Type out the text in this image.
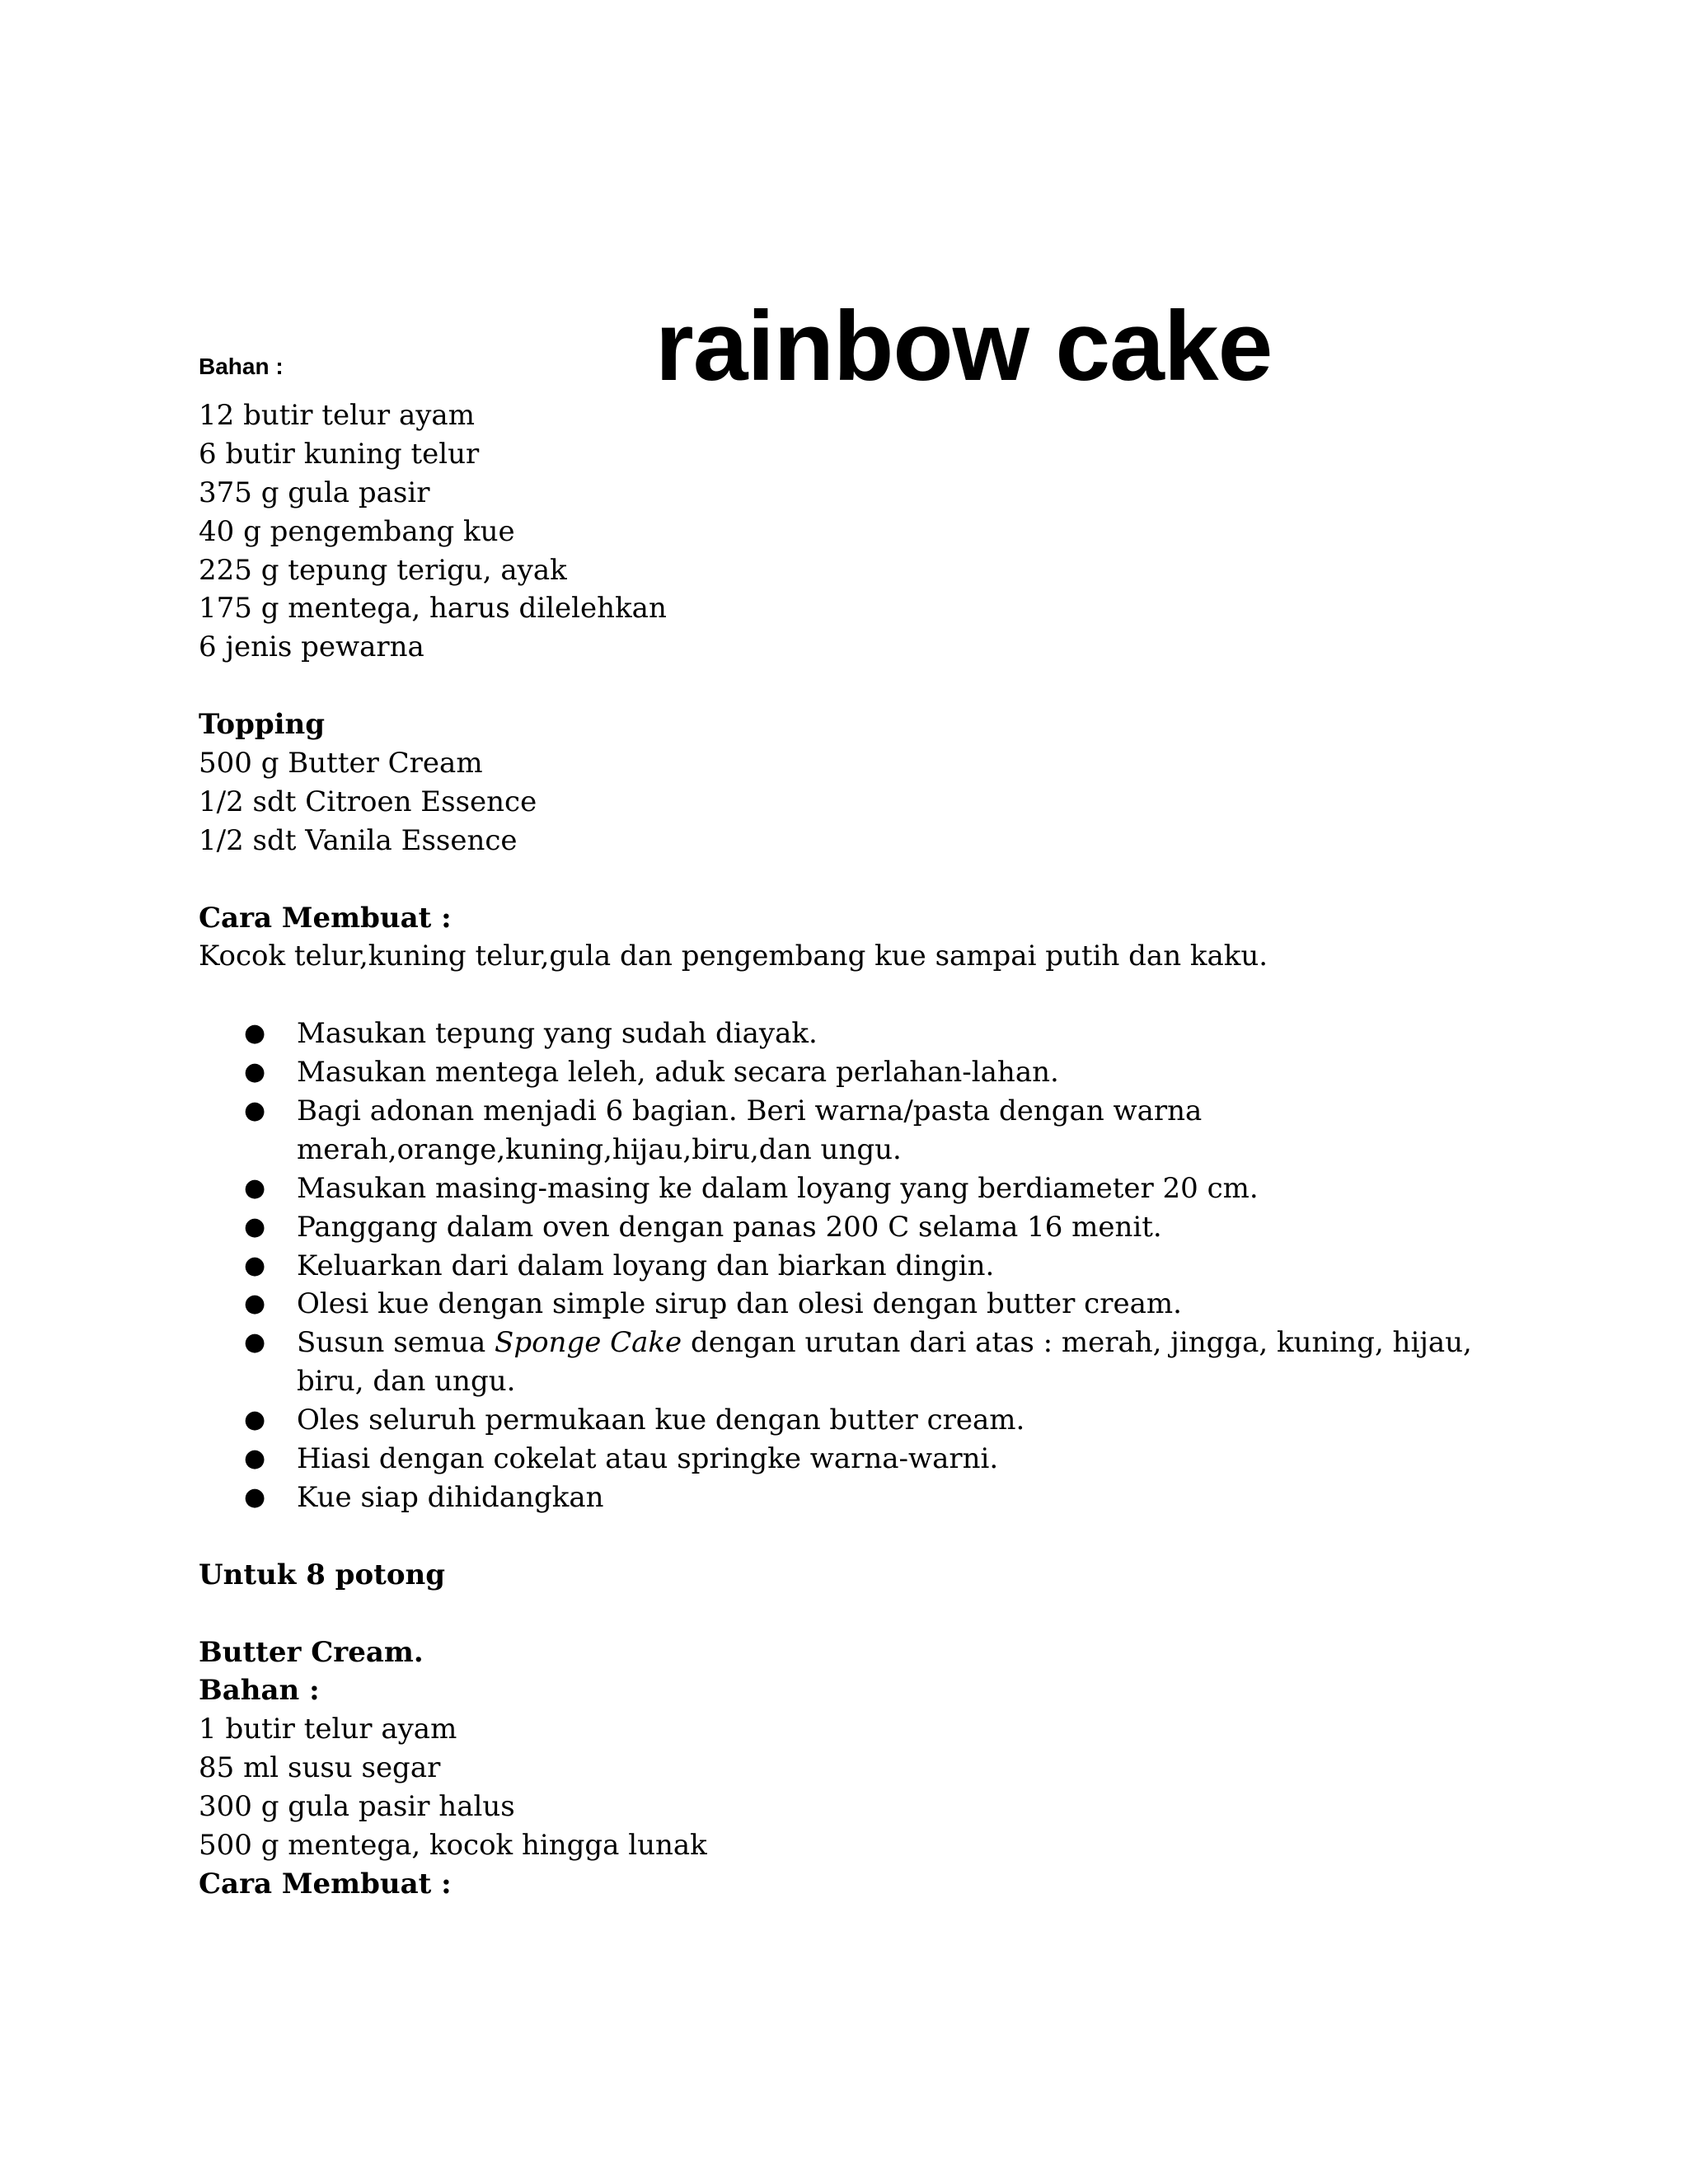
rainbow cake
Bahan :
12 butir telur ayam
6 butir kuning telur
375 g gula pasir
40 g pengembang kue
225 g tepung terigu, ayak
175 g mentega, harus dilelehkan
6 jenis pewarna
Topping
500 g Butter Cream
1/2 sdt Citroen Essence
1/2 sdt Vanila Essence
Cara Membuat :
Kocok telur,kuning telur,gula dan pengembang kue sampai putih dan kaku.
● Masukan tepung yang sudah diayak.
● Masukan mentega leleh, aduk secara perlahan-lahan.
● Bagi adonan menjadi 6 bagian. Beri warna/pasta dengan warna
merah,orange,kuning,hijau,biru,dan ungu.
● Masukan masing-masing ke dalam loyang yang berdiameter 20 cm.
● Panggang dalam oven dengan panas 200 C selama 16 menit.
● Keluarkan dari dalam loyang dan biarkan dingin.
● Olesi kue dengan simple sirup dan olesi dengan butter cream.
● Susun semua Sponge Cake dengan urutan dari atas : merah, jingga, kuning, hijau,
biru, dan ungu.
● Oles seluruh permukaan kue dengan butter cream.
● Hiasi dengan cokelat atau springke warna-warni.
● Kue siap dihidangkan
Untuk 8 potong
Butter Cream.
Bahan :
1 butir telur ayam
85 ml susu segar
300 g gula pasir halus
500 g mentega, kocok hingga lunak
Cara Membuat :
